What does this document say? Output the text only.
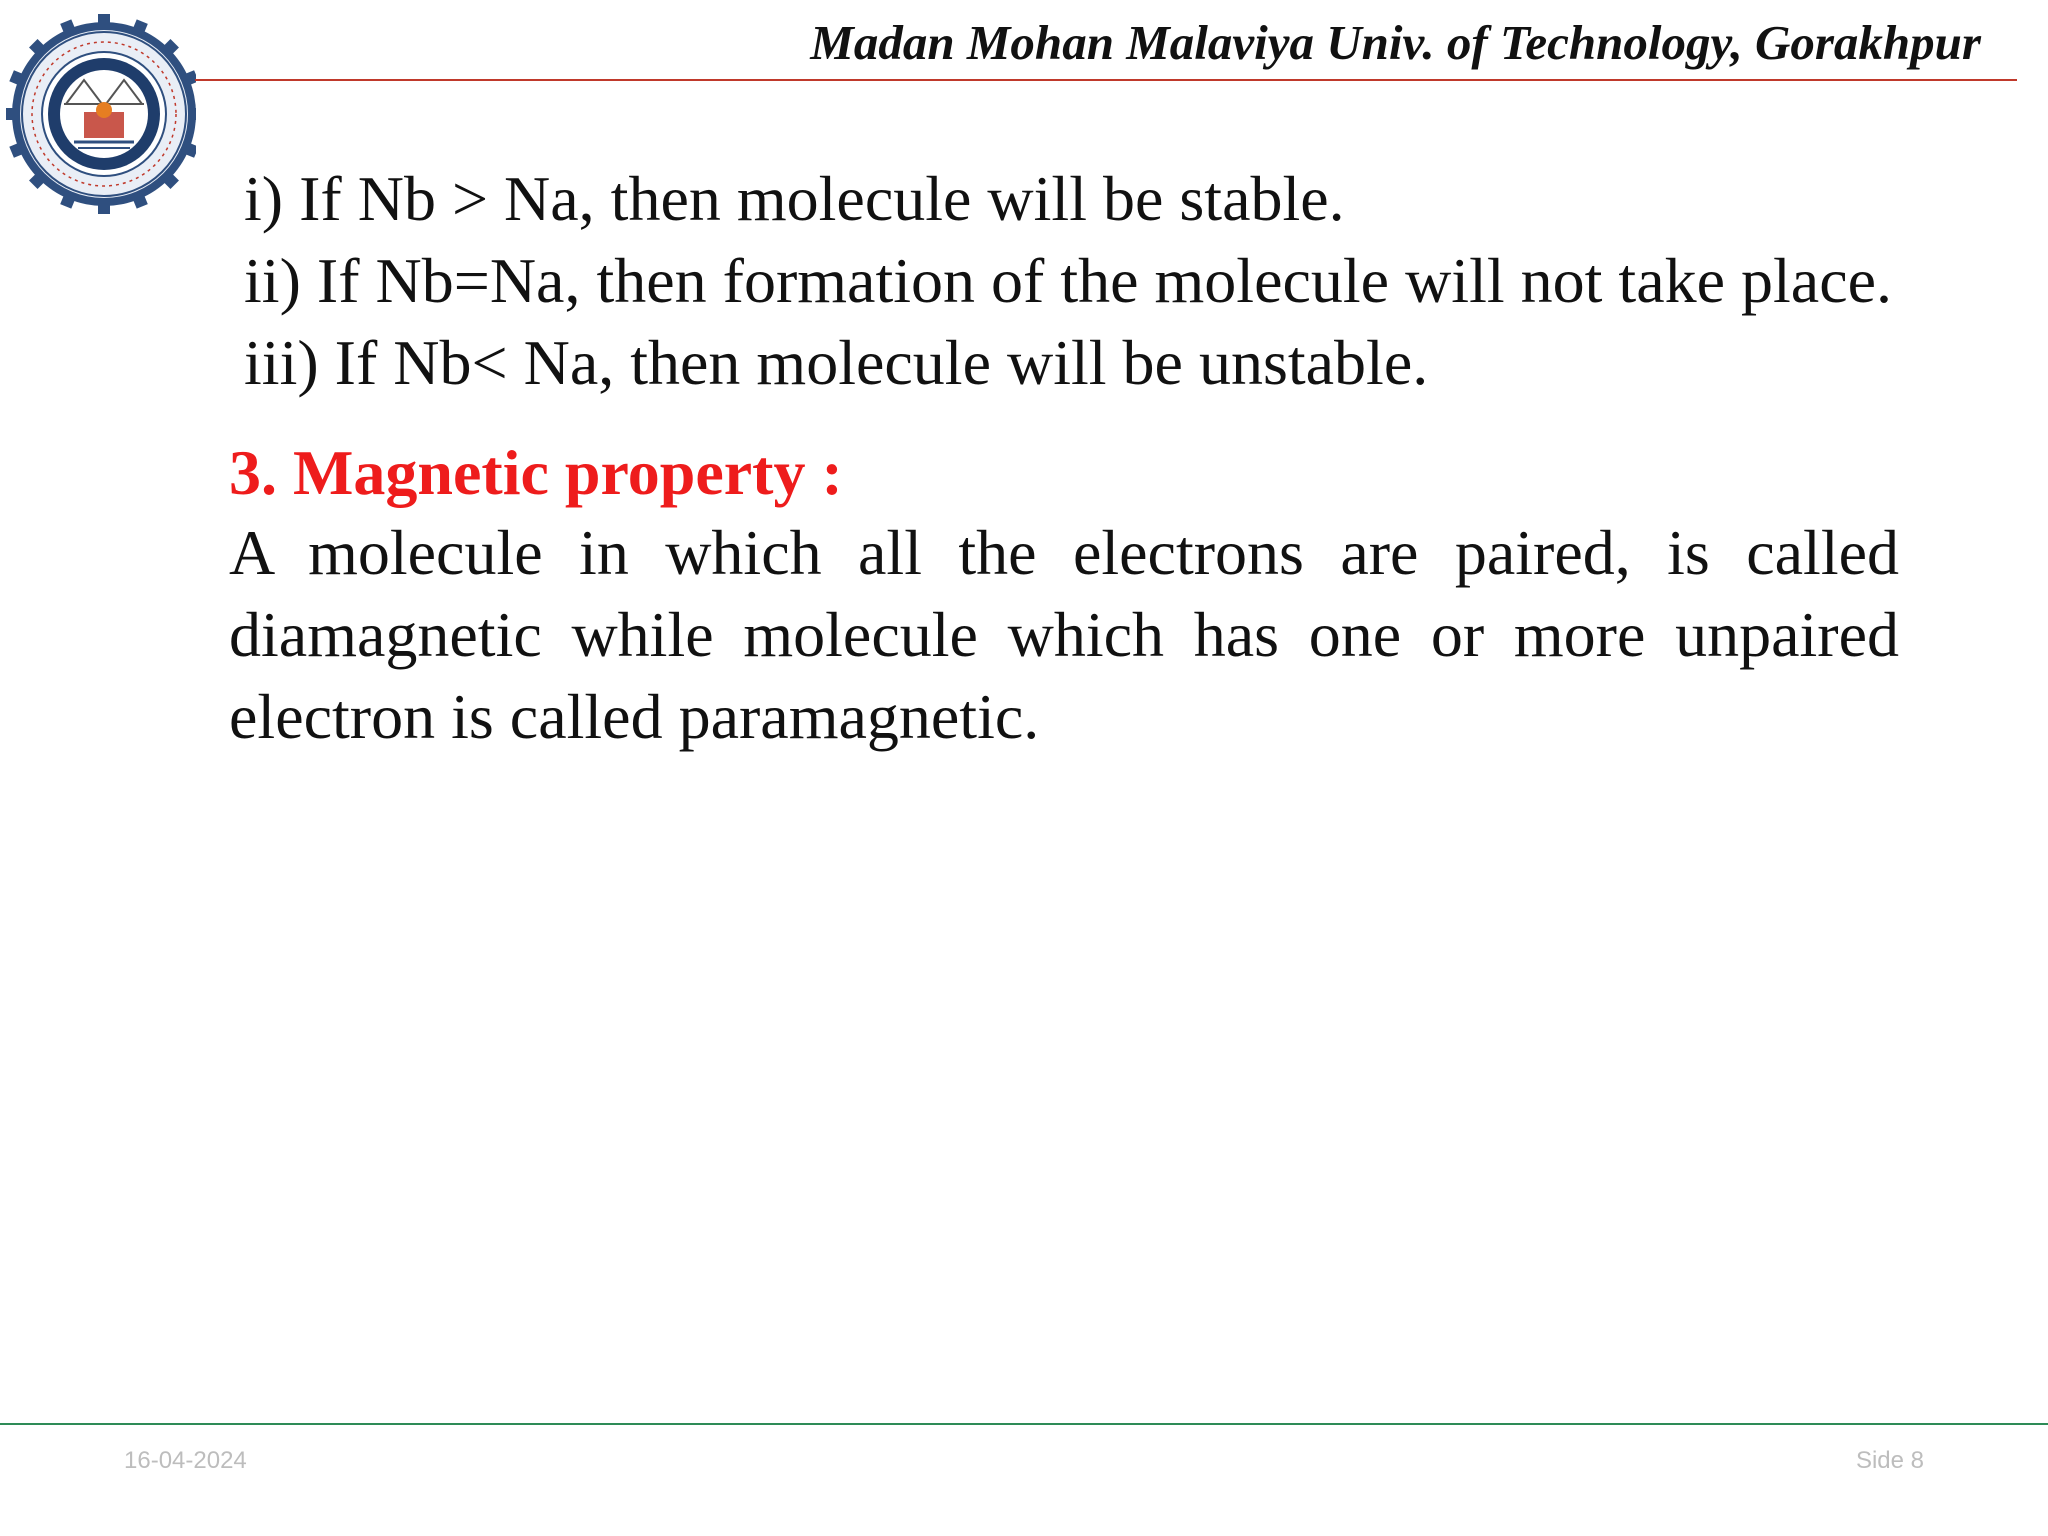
Madan Mohan Malaviya Univ. of Technology, Gorakhpur
i) If Nb > Na, then molecule will be stable.
ii) If Nb=Na, then formation of the molecule will not take place.
iii) If Nb< Na, then molecule will be unstable.
3. Magnetic property :
A molecule in which all the electrons are paired, is called diamagnetic while molecule which has one or more unpaired electron is called paramagnetic.
16-04-2024	Side 8
